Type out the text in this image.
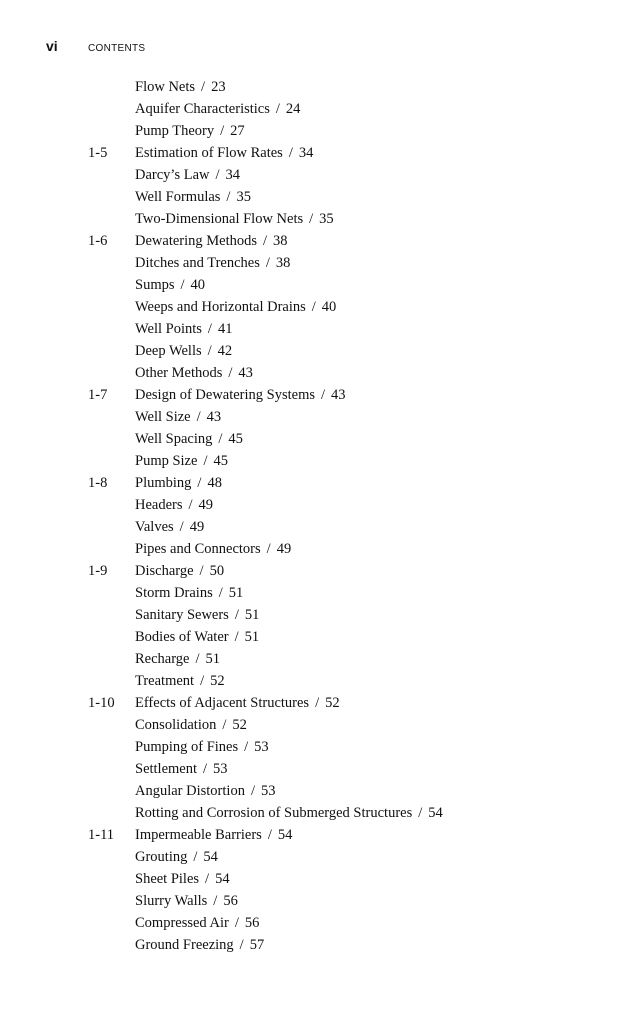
vi	CONTENTS
Flow Nets / 23
Aquifer Characteristics / 24
Pump Theory / 27
1-5	Estimation of Flow Rates / 34
Darcy’s Law / 34
Well Formulas / 35
Two-Dimensional Flow Nets / 35
1-6	Dewatering Methods / 38
Ditches and Trenches / 38
Sumps / 40
Weeps and Horizontal Drains / 40
Well Points / 41
Deep Wells / 42
Other Methods / 43
1-7	Design of Dewatering Systems / 43
Well Size / 43
Well Spacing / 45
Pump Size / 45
1-8	Plumbing / 48
Headers / 49
Valves / 49
Pipes and Connectors / 49
1-9	Discharge / 50
Storm Drains / 51
Sanitary Sewers / 51
Bodies of Water / 51
Recharge / 51
Treatment / 52
1-10	Effects of Adjacent Structures / 52
Consolidation / 52
Pumping of Fines / 53
Settlement / 53
Angular Distortion / 53
Rotting and Corrosion of Submerged Structures / 54
1-11	Impermeable Barriers / 54
Grouting / 54
Sheet Piles / 54
Slurry Walls / 56
Compressed Air / 56
Ground Freezing / 57
